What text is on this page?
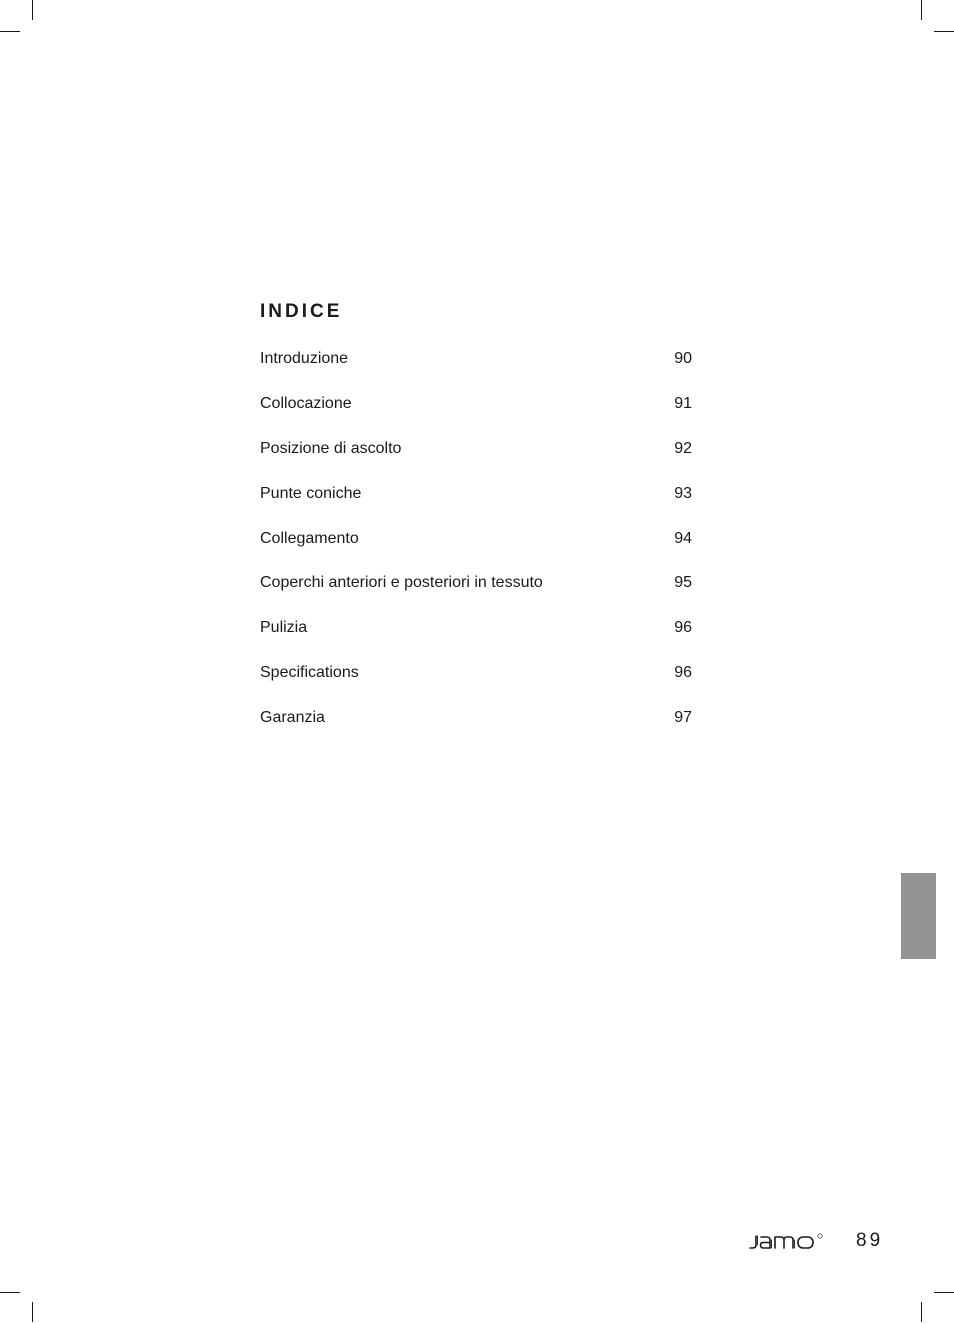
INDICE
Introduzione	90
Collocazione	91
Posizione di ascolto	92
Punte coniche	93
Collegamento	94
Coperchi anteriori e posteriori in tessuto	95
Pulizia	96
Specifications	96
Garanzia	97
89
